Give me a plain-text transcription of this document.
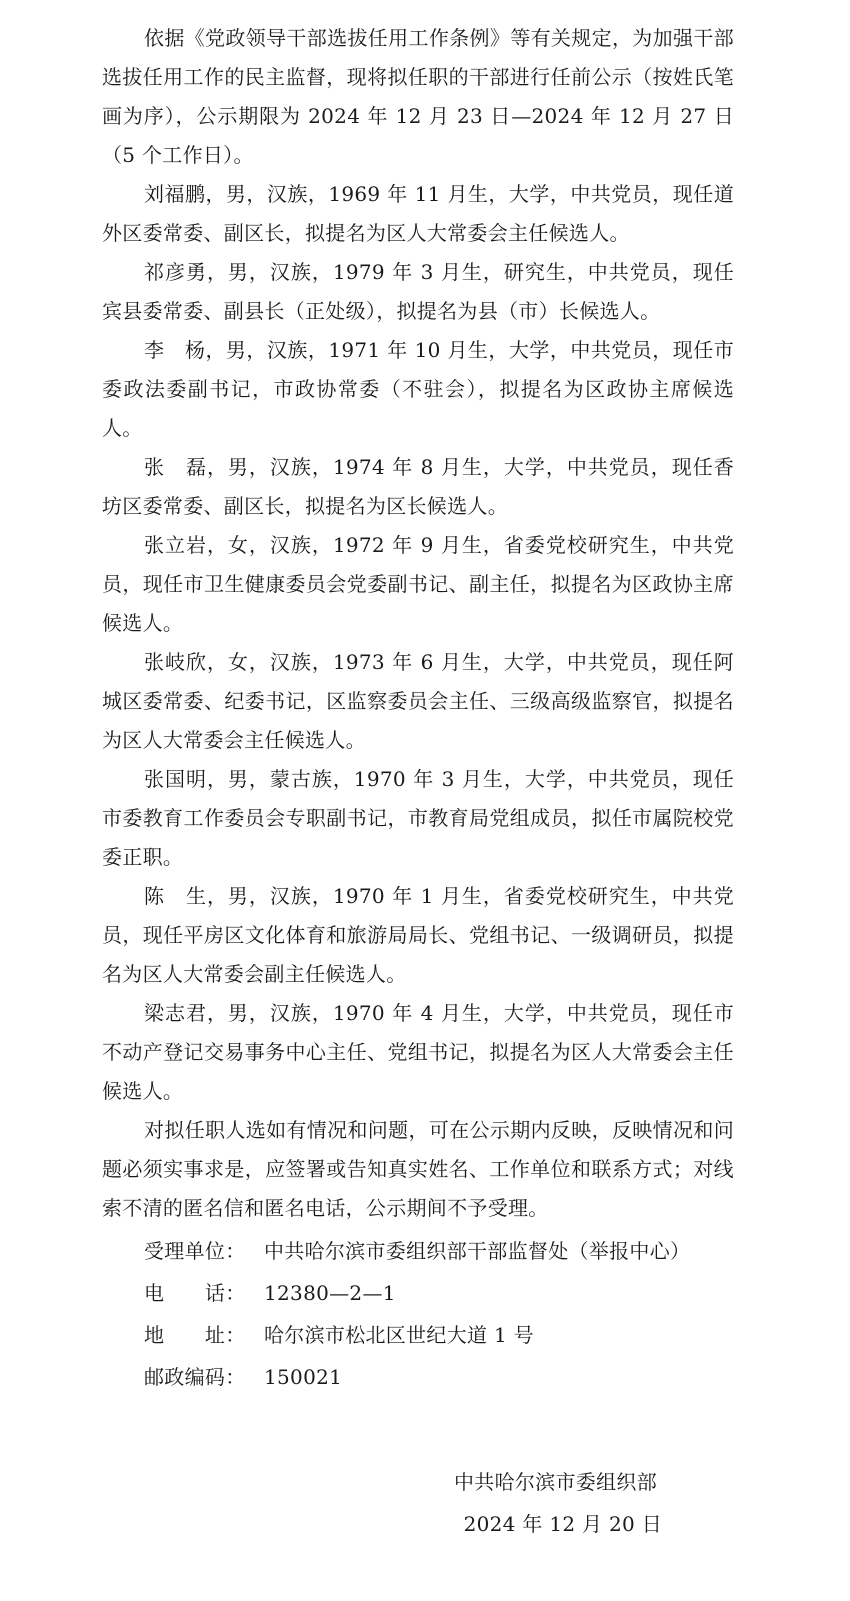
依据《党政领导干部选拔任用工作条例》等有关规定，为加强干部选拔任用工作的民主监督，现将拟任职的干部进行任前公示（按姓氏笔画为序），公示期限为 2024 年 12 月 23 日—2024 年 12 月 27 日（5 个工作日）。

刘福鹏，男，汉族，1969 年 11 月生，大学，中共党员，现任道外区委常委、副区长，拟提名为区人大常委会主任候选人。

祁彦勇，男，汉族，1979 年 3 月生，研究生，中共党员，现任宾县委常委、副县长（正处级），拟提名为县（市）长候选人。

李　杨，男，汉族，1971 年 10 月生，大学，中共党员，现任市委政法委副书记，市政协常委（不驻会），拟提名为区政协主席候选人。

张　磊，男，汉族，1974 年 8 月生，大学，中共党员，现任香坊区委常委、副区长，拟提名为区长候选人。

张立岩，女，汉族，1972 年 9 月生，省委党校研究生，中共党员，现任市卫生健康委员会党委副书记、副主任，拟提名为区政协主席候选人。

张岐欣，女，汉族，1973 年 6 月生，大学，中共党员，现任阿城区委常委、纪委书记，区监察委员会主任、三级高级监察官，拟提名为区人大常委会主任候选人。

张国明，男，蒙古族，1970 年 3 月生，大学，中共党员，现任市委教育工作委员会专职副书记，市教育局党组成员，拟任市属院校党委正职。

陈　生，男，汉族，1970 年 1 月生，省委党校研究生，中共党员，现任平房区文化体育和旅游局局长、党组书记、一级调研员，拟提名为区人大常委会副主任候选人。

梁志君，男，汉族，1970 年 4 月生，大学，中共党员，现任市不动产登记交易事务中心主任、党组书记，拟提名为区人大常委会主任候选人。

对拟任职人选如有情况和问题，可在公示期内反映，反映情况和问题必须实事求是，应签署或告知真实姓名、工作单位和联系方式；对线索不清的匿名信和匿名电话，公示期间不予受理。

受理单位： 中共哈尔滨市委组织部干部监督处（举报中心）

电　　话： 12380—2—1

地　　址： 哈尔滨市松北区世纪大道 1 号

邮政编码： 150021

中共哈尔滨市委组织部
2024 年 12 月 20 日
